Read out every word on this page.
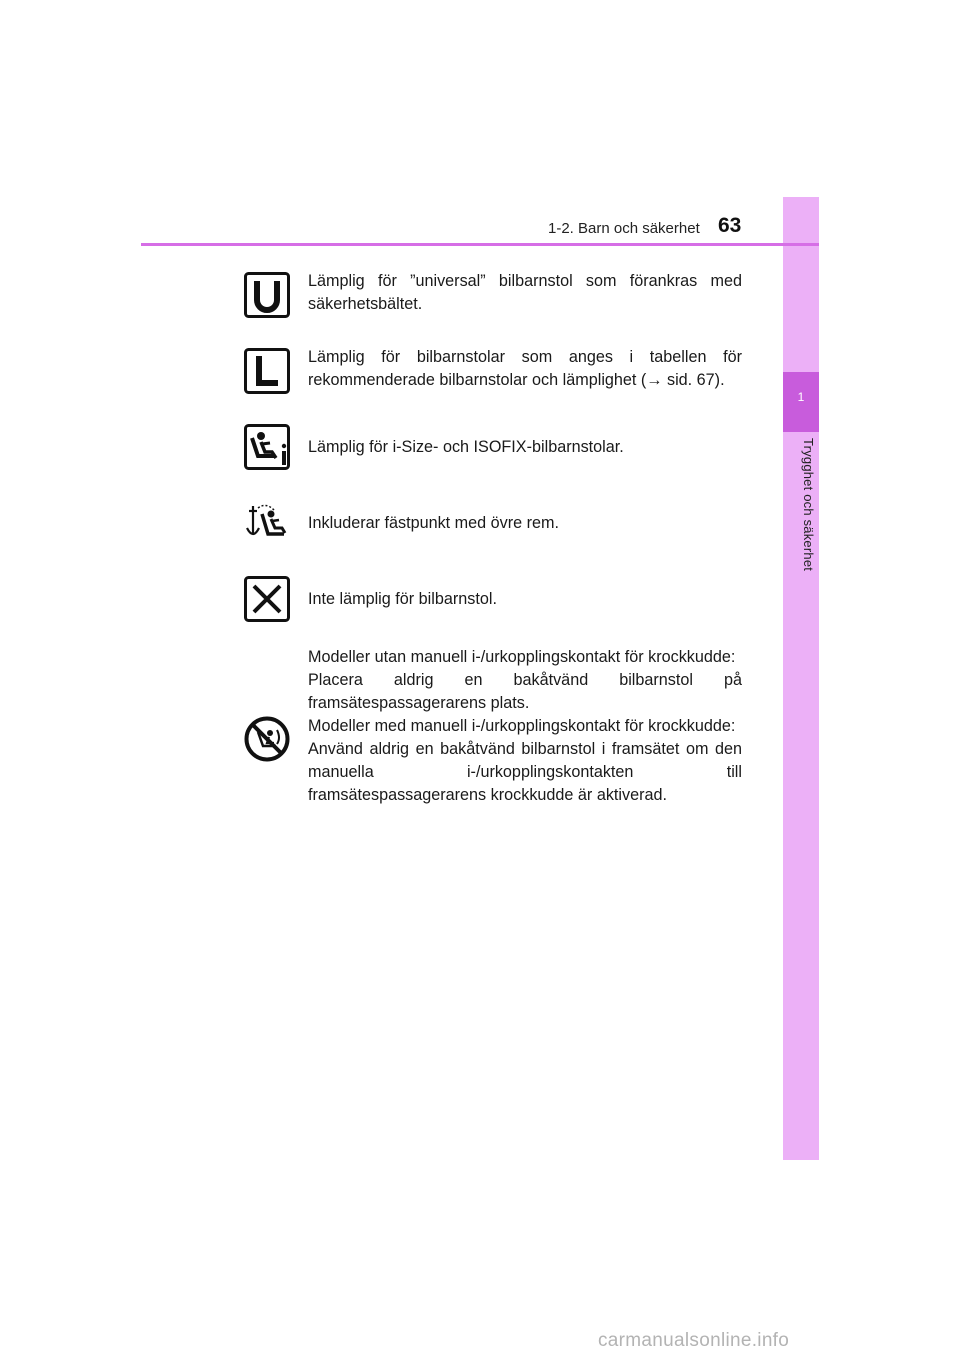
1
Trygghet och säkerhet
1-2. Barn och säkerhet 63

Lämplig för ”universal” bilbarnstol som förankras med säkerhetsbältet.

Lämplig för bilbarnstolar som anges i tabellen för rekommenderade bilbarnstolar och lämplighet (→ sid. 67).

Lämplig för i-Size- och ISOFIX-bilbarnstolar.

Inkluderar fästpunkt med övre rem.

Inte lämplig för bilbarnstol.

Modeller utan manuell i-/urkopplingskontakt för krockkudde:

Placera aldrig en bakåtvänd bilbarnstol på framsätespassagerarens plats.

Modeller med manuell i-/urkopplingskontakt för krockkudde:

Använd aldrig en bakåtvänd bilbarnstol i framsätet om den manuella i-/urkopplingskontakten till framsätespassagerarens krockkudde är aktiverad.

carmanualsonline.info
